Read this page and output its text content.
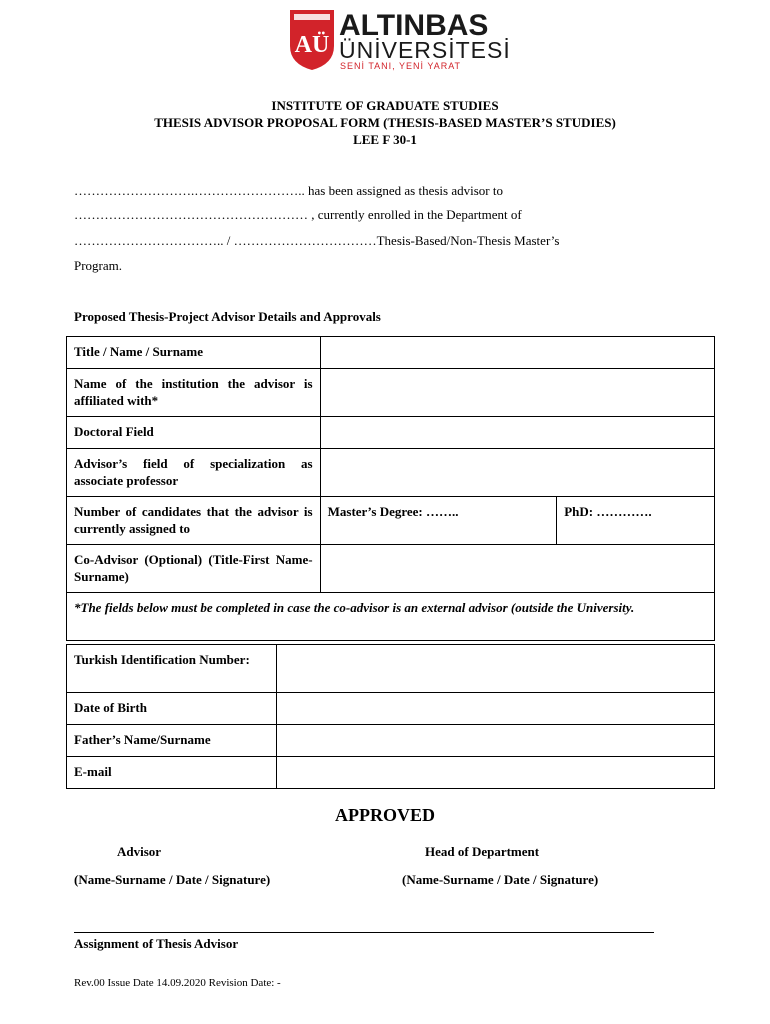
AÜ
ALTINBAS
ÜNİVERSİTESİ
SENİ TANI, YENİ YARAT
INSTITUTE OF GRADUATE STUDIES
THESIS ADVISOR PROPOSAL FORM (THESIS-BASED MASTER’S STUDIES)
LEE F 30-1
……………………….…………………….. has been assigned as thesis advisor to
……………………………………………… , currently enrolled in the Department of
…………………………….. / ……………………………Thesis-Based/Non-Thesis Master’s
Program.
Proposed Thesis-Project Advisor Details and Approvals
Title / Name / Surname		
Name of the institution the advisor is affiliated with*		
Doctoral Field		
Advisor’s field of specialization as associate professor		
Number of candidates that the advisor is currently assigned to	Master’s Degree: ……..	PhD: ………….
Co-Advisor (Optional) (Title-First Name-Surname)		
*The fields below must be completed in case the co-advisor is an external advisor (outside the University.		
Turkish Identification Number:	
Date of Birth	
Father’s Name/Surname	
E-mail	
APPROVED
Advisor
(Name-Surname / Date / Signature)
Head of Department
(Name-Surname / Date / Signature)
Assignment of Thesis Advisor
Rev.00 Issue Date 14.09.2020 Revision Date: -
